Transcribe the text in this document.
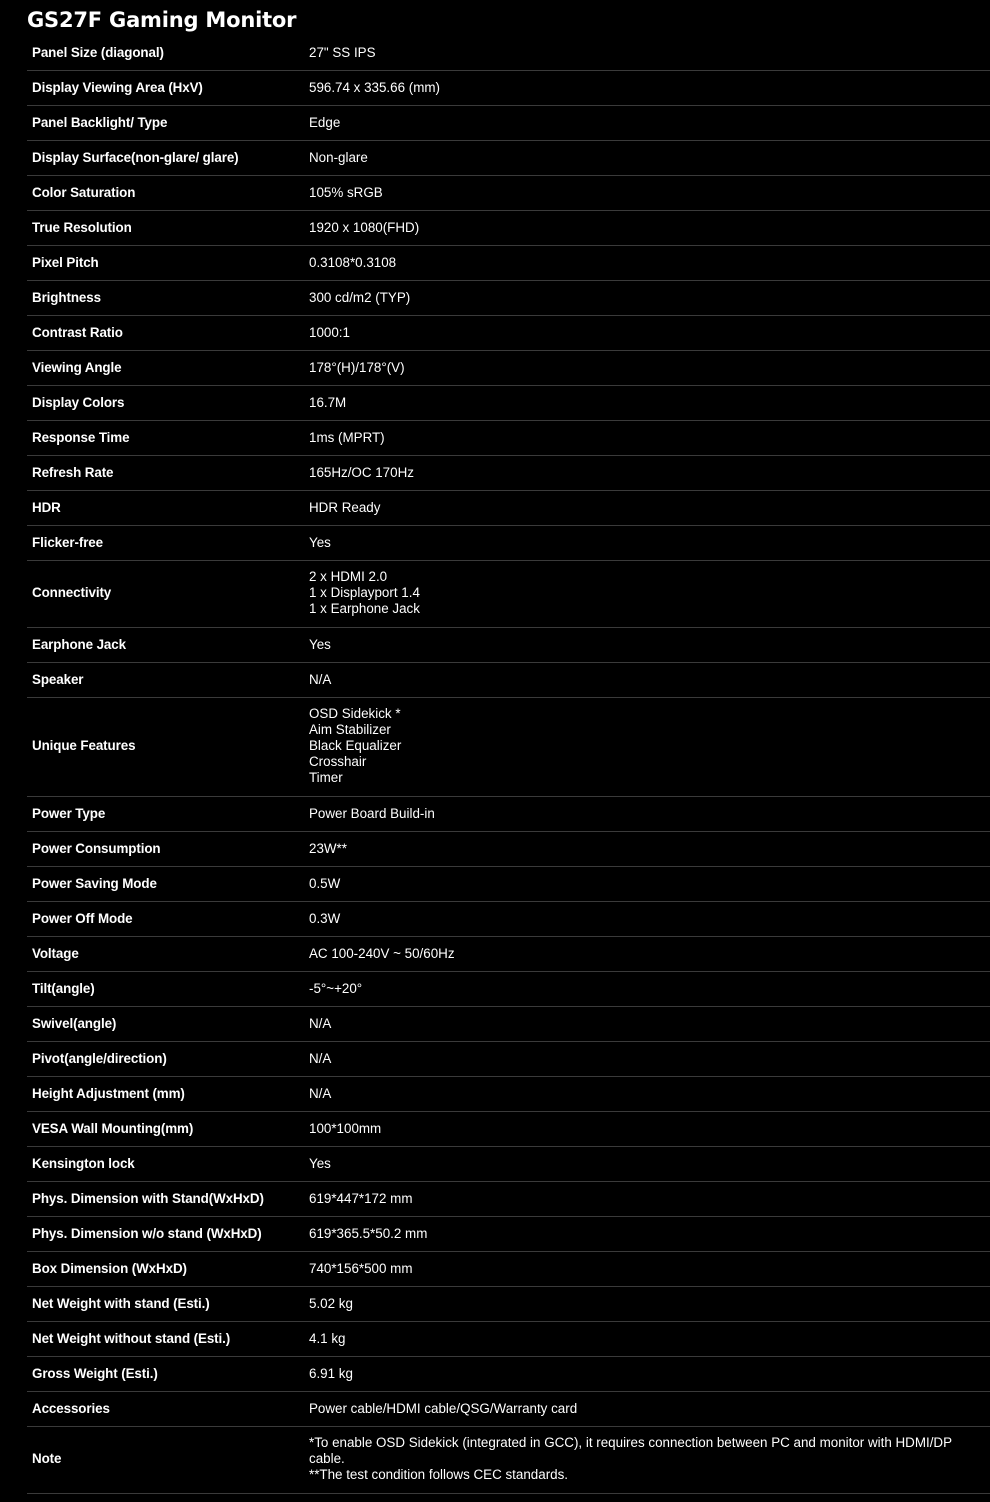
GS27F Gaming Monitor
Panel Size (diagonal)	27" SS IPS
Display Viewing Area (HxV)	596.74 x 335.66 (mm)
Panel Backlight/ Type	Edge
Display Surface(non-glare/ glare)	Non-glare
Color Saturation	105% sRGB
True Resolution	1920 x 1080(FHD)
Pixel Pitch	0.3108*0.3108
Brightness	300 cd/m2 (TYP)
Contrast Ratio	1000:1
Viewing Angle	178°(H)/178°(V)
Display Colors	16.7M
Response Time	1ms (MPRT)
Refresh Rate	165Hz/OC 170Hz
HDR	HDR Ready
Flicker-free	Yes
Connectivity	2 x HDMI 2.0
1 x Displayport 1.4
1 x Earphone Jack
Earphone Jack	Yes
Speaker	N/A
Unique Features	OSD Sidekick *
Aim Stabilizer
Black Equalizer
Crosshair
Timer
Power Type	Power Board Build-in
Power Consumption	23W**
Power Saving Mode	0.5W
Power Off Mode	0.3W
Voltage	AC 100-240V ~ 50/60Hz
Tilt(angle)	-5°~+20°
Swivel(angle)	N/A
Pivot(angle/direction)	N/A
Height Adjustment (mm)	N/A
VESA Wall Mounting(mm)	100*100mm
Kensington lock	Yes
Phys. Dimension with Stand(WxHxD)	619*447*172 mm
Phys. Dimension w/o stand (WxHxD)	619*365.5*50.2 mm
Box Dimension (WxHxD)	740*156*500 mm
Net Weight with stand (Esti.)	5.02 kg
Net Weight without stand (Esti.)	4.1 kg
Gross Weight (Esti.)	6.91 kg
Accessories	Power cable/HDMI cable/QSG/Warranty card
Note	*To enable OSD Sidekick (integrated in GCC), it requires connection between PC and monitor with HDMI/DP cable.
**The test condition follows CEC standards.
